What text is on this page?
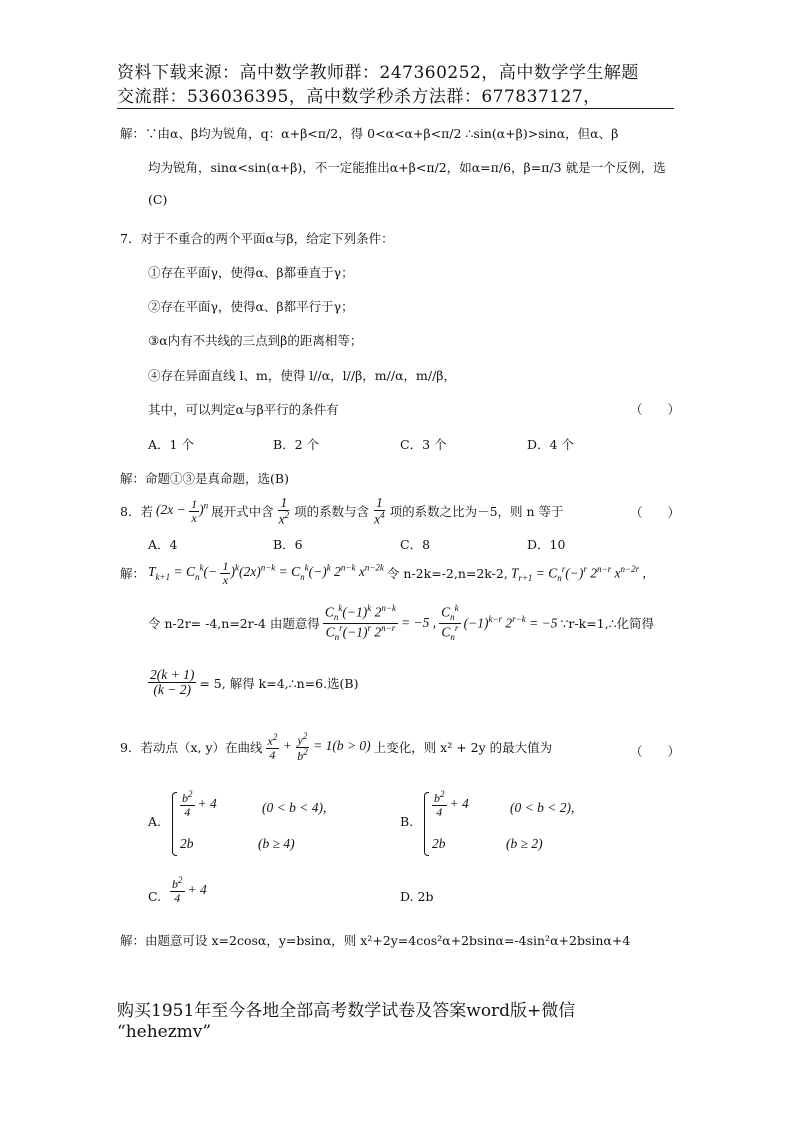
资料下载来源：高中数学教师群：247360252，高中数学学生解题
交流群：536036395，高中数学秒杀方法群：677837127，
解：∵由α、β均为锐角，q：α+β<π/2，得 0<α<α+β<π/2 ∴sin(α+β)>sinα，但α、β
均为锐角，sinα<sin(α+β)，不一定能推出α+β<π/2，如α=π/6，β=π/3 就是一个反例，选
(C)
7．对于不重合的两个平面α与β，给定下列条件：
①存在平面γ，使得α、β都垂直于γ；
②存在平面γ，使得α、β都平行于γ；
③α内有不共线的三点到β的距离相等；
④存在异面直线 l、m，使得 l//α，l//β，m//α，m//β，
其中，可以判定α与β平行的条件有	（　　）
A．1 个	B．2 个	C．3 个	D．4 个
解：命题①③是真命题，选(B)
8．若 $(2x - \frac{1}{x} )^n$ 展开式中含 $\frac{1}{x^2}$ 项的系数与含 $\frac{1}{x^4}$ 项的系数之比为－5，则 n 等于	（　　）
A．4	B．6	C．8	D．10
解： $T_{k+1} = C_n^k(- \frac{1}{x} )^k(2x)^{n-k} = C_n^k(-)^k$ $2^{n-k}$ $x^{n-2k}$ 令 n-2k=-2,n=2k-2, $T_{r+1} = C_n^r(-)^r$ $2^{n-r}$ $x^{n-2r}$ ,
令 n-2r= -4,n=2r-4 由题意得 $\frac{C_n^k(-1)^k 2^{n-k}}{C_n^r(-1)^r 2^{n-r}} = -5$ , $\frac{C_n^k}{C_n^r} (-1)^{k-r}$ $2^{r-k} = -5$ ∵r-k=1,∴化简得
$\frac{2(k + 1)}{(k - 2)} = 5$, 解得 k=4,∴n=6.选(B)
9．若动点（x, y）在曲线 $\frac{x^2}{4} + \frac{y^2}{b^2} = 1(b > 0)$ 上变化，则 x² + 2y 的最大值为	（　　）
A.
$\frac{b^2}{4} + 4$	(0 < b < 4),
2b	(b ≥ 4)
B.
$\frac{b^2}{4} + 4$	(0 < b < 2),
2b	(b ≥ 2)
C. $\frac{b^2}{4} + 4$	D. 2b
解：由题意可设 x=2cosα，y=bsinα，则 x²+2y=4cos²α+2bsinα=-4sin²α+2bsinα+4
购买1951年至今各地全部高考数学试卷及答案word版+微信
“hehezmv”
